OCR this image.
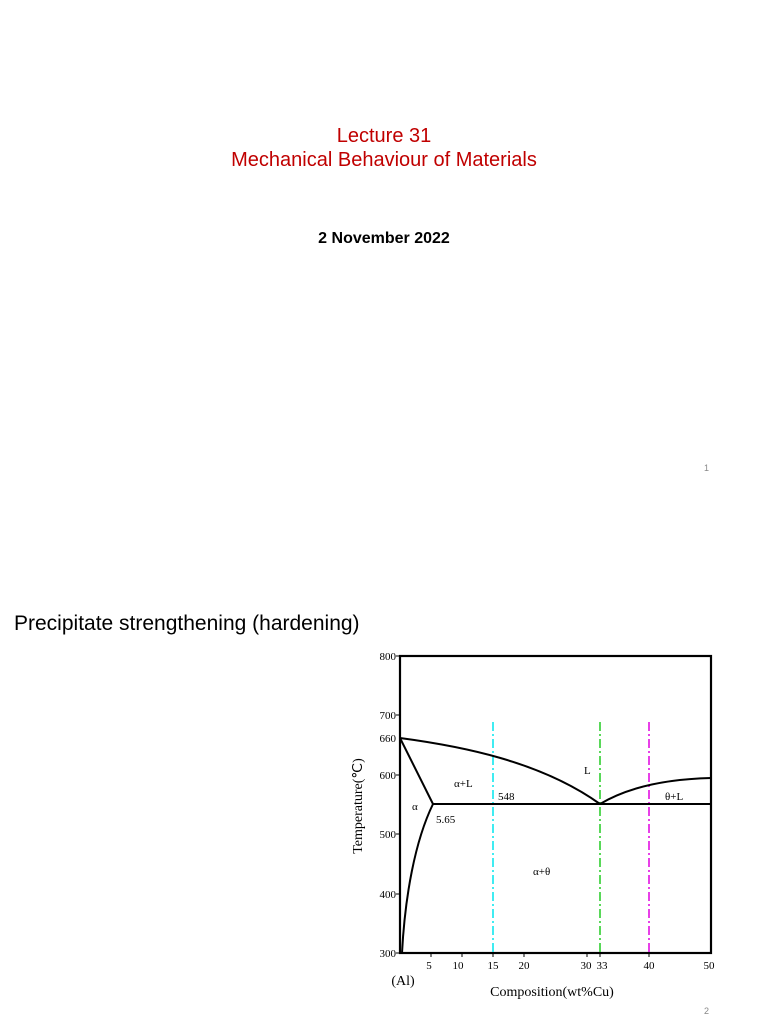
Lecture 31
Mechanical Behaviour of Materials
2 November 2022
1
Precipitate strengthening (hardening)
800
700
660
600
500
400
300
Temperature(℃)
5 10 15 20	30 33	40	50
(Al)
Composition(wt%Cu)
α
α+L
L
θ+L
α+θ
548
5.65
2
